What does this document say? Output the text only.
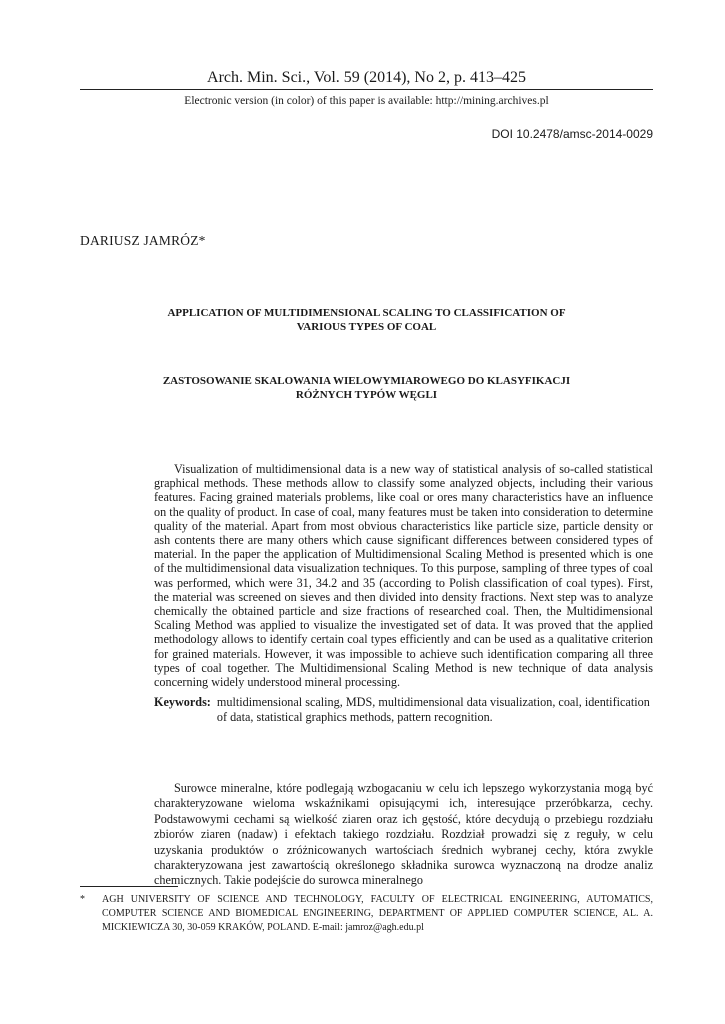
Arch. Min. Sci., Vol. 59 (2014), No 2, p. 413–425
Electronic version (in color) of this paper is available: http://mining.archives.pl
DOI 10.2478/amsc-2014-0029
DARIUSZ JAMRÓZ*
APPLICATION OF MULTIDIMENSIONAL SCALING TO CLASSIFICATION OF
VARIOUS TYPES OF COAL
ZASTOSOWANIE SKALOWANIA WIELOWYMIAROWEGO DO KLASYFIKACJI
RÓŻNYCH TYPÓW WĘGLI

Visualization of multidimensional data is a new way of statistical analysis of so-called statistical graphical methods. These methods allow to classify some analyzed objects, including their various features. Facing grained materials problems, like coal or ores many characteristics have an influence on the quality of product. In case of coal, many features must be taken into consideration to determine quality of the material. Apart from most obvious characteristics like particle size, particle density or ash contents there are many others which cause significant differences between considered types of material. In the paper the application of Multidimensional Scaling Method is presented which is one of the multidimensional data visualization techniques. To this purpose, sampling of three types of coal was performed, which were 31, 34.2 and 35 (according to Polish classification of coal types). First, the material was screened on sieves and then divided into density fractions. Next step was to analyze chemically the obtained particle and size fractions of researched coal. Then, the Multidimensional Scaling Method was applied to visualize the investigated set of data. It was proved that the applied methodology allows to identify certain coal types efficiently and can be used as a qualitative criterion for grained materials. However, it was impossible to achieve such identification comparing all three types of coal together. The Multidimensional Scaling Method is new technique of data analysis concerning widely understood mineral processing.

Keywords: multidimensional scaling, MDS, multidimensional data visualization, coal, identification of data, statistical graphics methods, pattern recognition.

Surowce mineralne, które podlegają wzbogacaniu w celu ich lepszego wykorzystania mogą być charakteryzowane wieloma wskaźnikami opisującymi ich, interesujące przeróbkarza, cechy. Podstawowymi cechami są wielkość ziaren oraz ich gęstość, które decydują o przebiegu rozdziału zbiorów ziaren (nadaw) i efektach takiego rozdziału. Rozdział prowadzi się z reguły, w celu uzyskania produktów o zróżnicowanych wartościach średnich wybranej cechy, która zwykle charakteryzowana jest zawartością określonego składnika surowca wyznaczoną na drodze analiz chemicznych. Takie podejście do surowca mineralnego

*	AGH UNIVERSITY OF SCIENCE AND TECHNOLOGY, FACULTY OF ELECTRICAL ENGINEERING, AUTOMATICS, COMPUTER SCIENCE AND BIOMEDICAL ENGINEERING, DEPARTMENT OF APPLIED COMPUTER SCIENCE, AL. A. MICKIEWICZA 30, 30-059 KRAKÓW, POLAND. E-mail: jamroz@agh.edu.pl
